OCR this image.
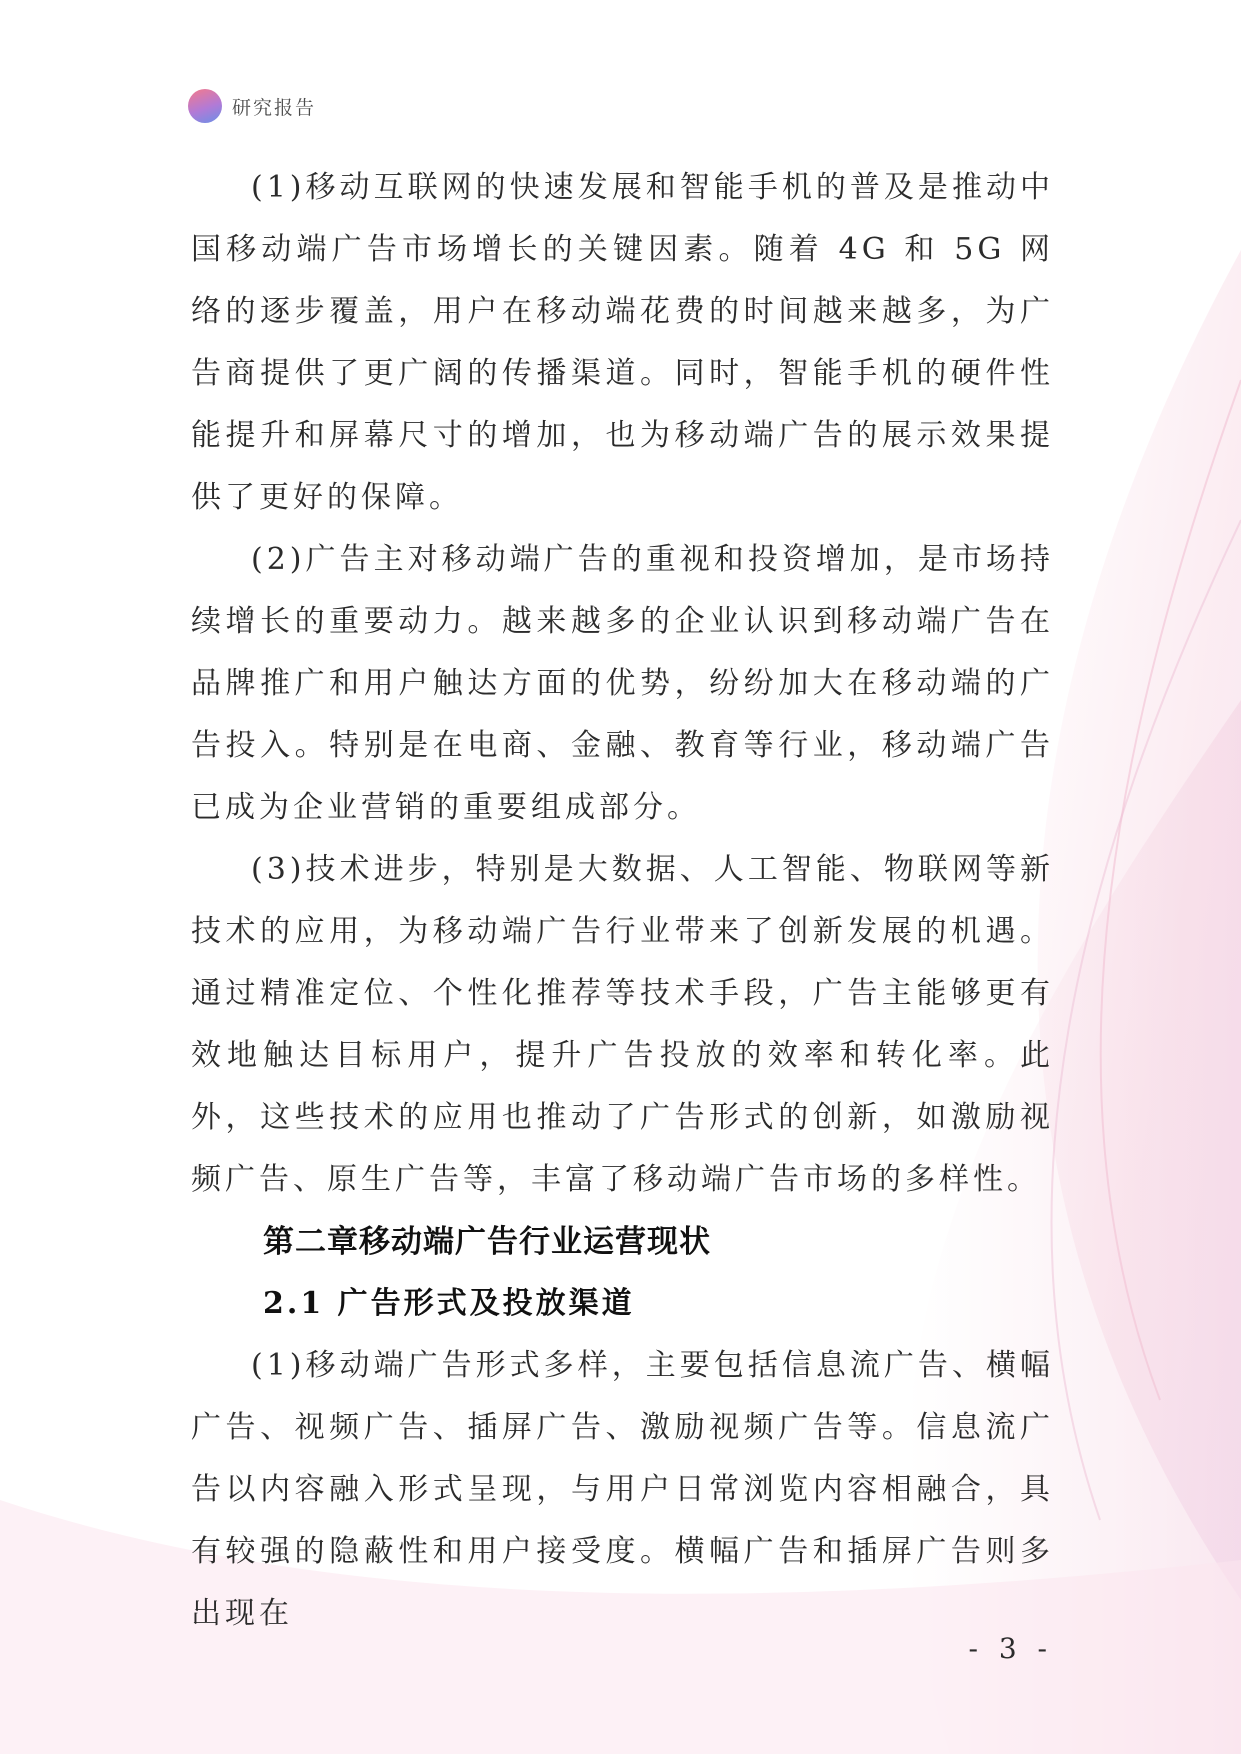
研究报告

(1)移动互联网的快速发展和智能手机的普及是推动中国移动端广告市场增长的关键因素。随着 4G 和 5G 网络的逐步覆盖，用户在移动端花费的时间越来越多，为广告商提供了更广阔的传播渠道。同时，智能手机的硬件性能提升和屏幕尺寸的增加，也为移动端广告的展示效果提供了更好的保障。

(2)广告主对移动端广告的重视和投资增加，是市场持续增长的重要动力。越来越多的企业认识到移动端广告在品牌推广和用户触达方面的优势，纷纷加大在移动端的广告投入。特别是在电商、金融、教育等行业，移动端广告已成为企业营销的重要组成部分。

(3)技术进步，特别是大数据、人工智能、物联网等新技术的应用，为移动端广告行业带来了创新发展的机遇。通过精准定位、个性化推荐等技术手段，广告主能够更有效地触达目标用户，提升广告投放的效率和转化率。此外，这些技术的应用也推动了广告形式的创新，如激励视频广告、原生广告等，丰富了移动端广告市场的多样性。

第二章移动端广告行业运营现状
2.1 广告形式及投放渠道

(1)移动端广告形式多样，主要包括信息流广告、横幅广告、视频广告、插屏广告、激励视频广告等。信息流广告以内容融入形式呈现，与用户日常浏览内容相融合，具有较强的隐蔽性和用户接受度。横幅广告和插屏广告则多出现在

- 3 -
